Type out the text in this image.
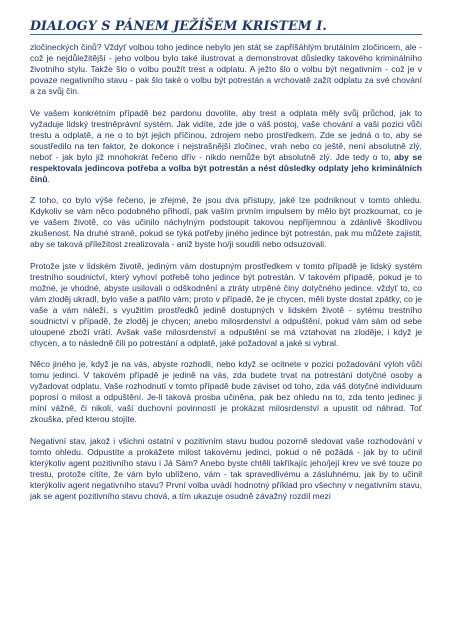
DIALOGY S PÁNEM JEŽÍŠEM KRISTEM I.

zločineckých činů? Vždyť volbou toho jedince nebylo jen stát se zapříšáhlým brutálním zločincem, ale - což je nejdůležitější - jeho volbou bylo také ilustrovat a demonstrovat důsledky takového kriminálního životního stylu. Takže šlo o volbu použít trest a odplatu. A ježto šlo o volbu být negativním - což je v povaze negativního stavu - pak šlo také o volbu být potrestán a vrchovatě zažít odplatu za své chování a za svůj čin.

Ve vašem konkrétním případě bez pardonu dovolíte, aby trest a odplata měly svůj průchod, jak to vyžaduje lidský trestněprávní systém. Jak vidíte, zde jde o váš postoj, vaše chování a vaši pozici vůči trestu a odplatě, a ne o to být jejich příčinou, zdrojem nebo prostředkem. Zde se jedná o to, aby se soustředilo na ten faktor, že dokonce i nejstrašnější zločinec, vrah nebo co ještě, není absolutně zlý, neboť - jak bylo již mnohokrát řečeno dřív - nikdo nemůže být absolutně zlý. Jde tedy o to, aby se respektovala jedincova potřeba a volba být potrestán a nést důsledky odplaty jeho kriminálních činů.

Z toho, co bylo výše řečeno, je zřejmé, že jsou dva přístupy, jaké lze podniknout v tomto ohledu. Kdykoliv se vám něco podobného přihodí, pak vaším prvním impulsem by mělo být prozkoumat, co je ve vašem životě, co vás učinilo náchylným podstoupit takovou nepříjemnou a zdánlivě škodlivou zkušenost. Na druhé straně, pokud se týká potřeby jiného jedince být potrestán, pak mu můžete zajistit, aby se taková příležitost zrealizovala - aniž byste ho/ji soudili nebo odsuzovali.

Protože jste v lidském životě, jediným vám dostupným prostředkem v tomto případě je lidský systém trestního soudnictví, který vyhoví potřebě toho jedince být potrestán. V takovém případě, pokud je to možné, je vhodné, abyste usilovali o odškodnění a ztráty utrpěné činy dotyčného jedince. vždyť to, co vám zloděj ukradl, bylo vaše a patřilo vám; proto v případě, že je chycen, měli byste dostat zpátky, co je vaše a vám náleží, s využitím prostředků jedině dostupných v lidském životě - sytému trestního soudnictví v případě, že zloděj je chycen; anebo milosrdenství a odpuštění, pokud vám sám od sebe uloupené zboží vrátí. Avšak vaše milosrdenství a odpuštění se má vztahovat na zloděje, i když je chycen, a to následně čili po potrestání a odplatě, jaké požadoval a jaké si vybral.

Něco jiného je, když je na vás, abyste rozhodli, nebo když se ocitnete v pozici požadování výloh vůči tomu jedinci. V takovém případě je jedině na vás, zda budete trvat na potrestání dotyčné osoby a vyžadovat odplatu. Vaše rozhodnutí v tomto případě bude záviset od toho, zda váš dotyčné individuum poprosí o milost a odpuštění. Je-li taková prosba učiněna, pak bez ohledu na to, zda tento jedinec ji míní vážně, či nikoli, vaší duchovní povinností je prokázat milosrdenství a upustit od náhrad. Toť zkouška, před kterou stojíte.

Negativní stav, jakož i všichni ostatní v pozitivním stavu budou pozorně sledovat vaše rozhodování v tomto ohledu. Odpustíte a prokážete milost takovému jedinci, pokud o ně požádá - jak by to učinil kterýkoliv agent pozitivního stavu i Já Sám? Anebo byste chtěli takříkajíc jeho/její krev ve své touze po trestu, protože cítíte, že vám bylo ublíženo, vám - tak spravedlivému a zásluhnému, jak by to učinil kterýkoliv agent negativního stavu? První volba uvádí hodnotný příklad pro všechny v negativním stavu, jak se agent pozitivního stavu chová, a tím ukazuje osudně závažný rozdíl mezi
